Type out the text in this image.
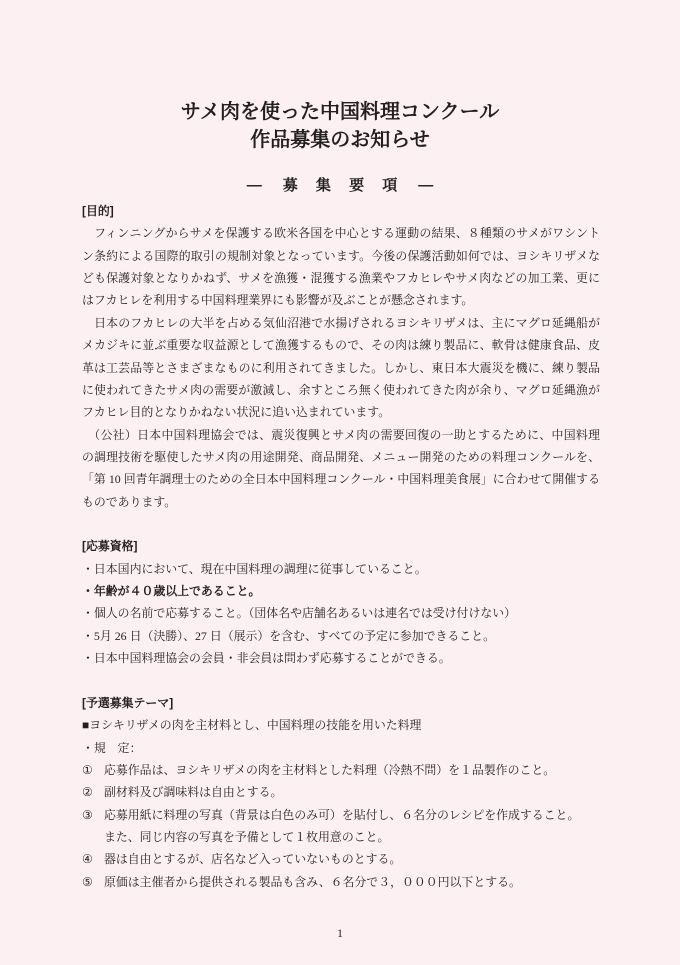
サメ肉を使った中国料理コンクール
作品募集のお知らせ
— 募 集 要 項 —
[目的]
　フィンニングからサメを保護する欧米各国を中心とする運動の結果、８種類のサメがワシント
ン条約による国際的取引の規制対象となっています。今後の保護活動如何では、ヨシキリザメな
ども保護対象となりかねず、サメを漁獲・混獲する漁業やフカヒレやサメ肉などの加工業、更に
はフカヒレを利用する中国料理業界にも影響が及ぶことが懸念されます。
　日本のフカヒレの大半を占める気仙沼港で水揚げされるヨシキリザメは、主にマグロ延縄船が
メカジキに並ぶ重要な収益源として漁獲するもので、その肉は練り製品に、軟骨は健康食品、皮
革は工芸品等とさまざまなものに利用されてきました。しかし、東日本大震災を機に、練り製品
に使われてきたサメ肉の需要が激減し、余すところ無く使われてきた肉が余り、マグロ延縄漁が
フカヒレ目的となりかねない状況に追い込まれています。
　（公社）日本中国料理協会では、震災復興とサメ肉の需要回復の一助とするために、中国料理
の調理技術を駆使したサメ肉の用途開発、商品開発、メニュー開発のための料理コンクールを、
「第 10 回青年調理士のための全日本中国料理コンクール・中国料理美食展」に合わせて開催する
ものであります。
[応募資格]
・日本国内において、現在中国料理の調理に従事していること。
・年齢が４０歳以上であること。
・個人の名前で応募すること。（団体名や店舗名あるいは連名では受け付けない）
・5月 26 日（決勝）、27 日（展示）を含む、すべての予定に参加できること。
・日本中国料理協会の会員・非会員は問わず応募することができる。
[予選募集テーマ]
■ヨシキリザメの肉を主材料とし、中国料理の技能を用いた料理
・規　定：
① 応募作品は、ヨシキリザメの肉を主材料とした料理（冷熱不問）を１品製作のこと。
② 副材料及び調味料は自由とする。
③ 応募用紙に料理の写真（背景は白色のみ可）を貼付し、６名分のレシピを作成すること。
また、同じ内容の写真を予備として１枚用意のこと。
④ 器は自由とするが、店名など入っていないものとする。
⑤ 原価は主催者から提供される製品も含み、６名分で３，０００円以下とする。
1
